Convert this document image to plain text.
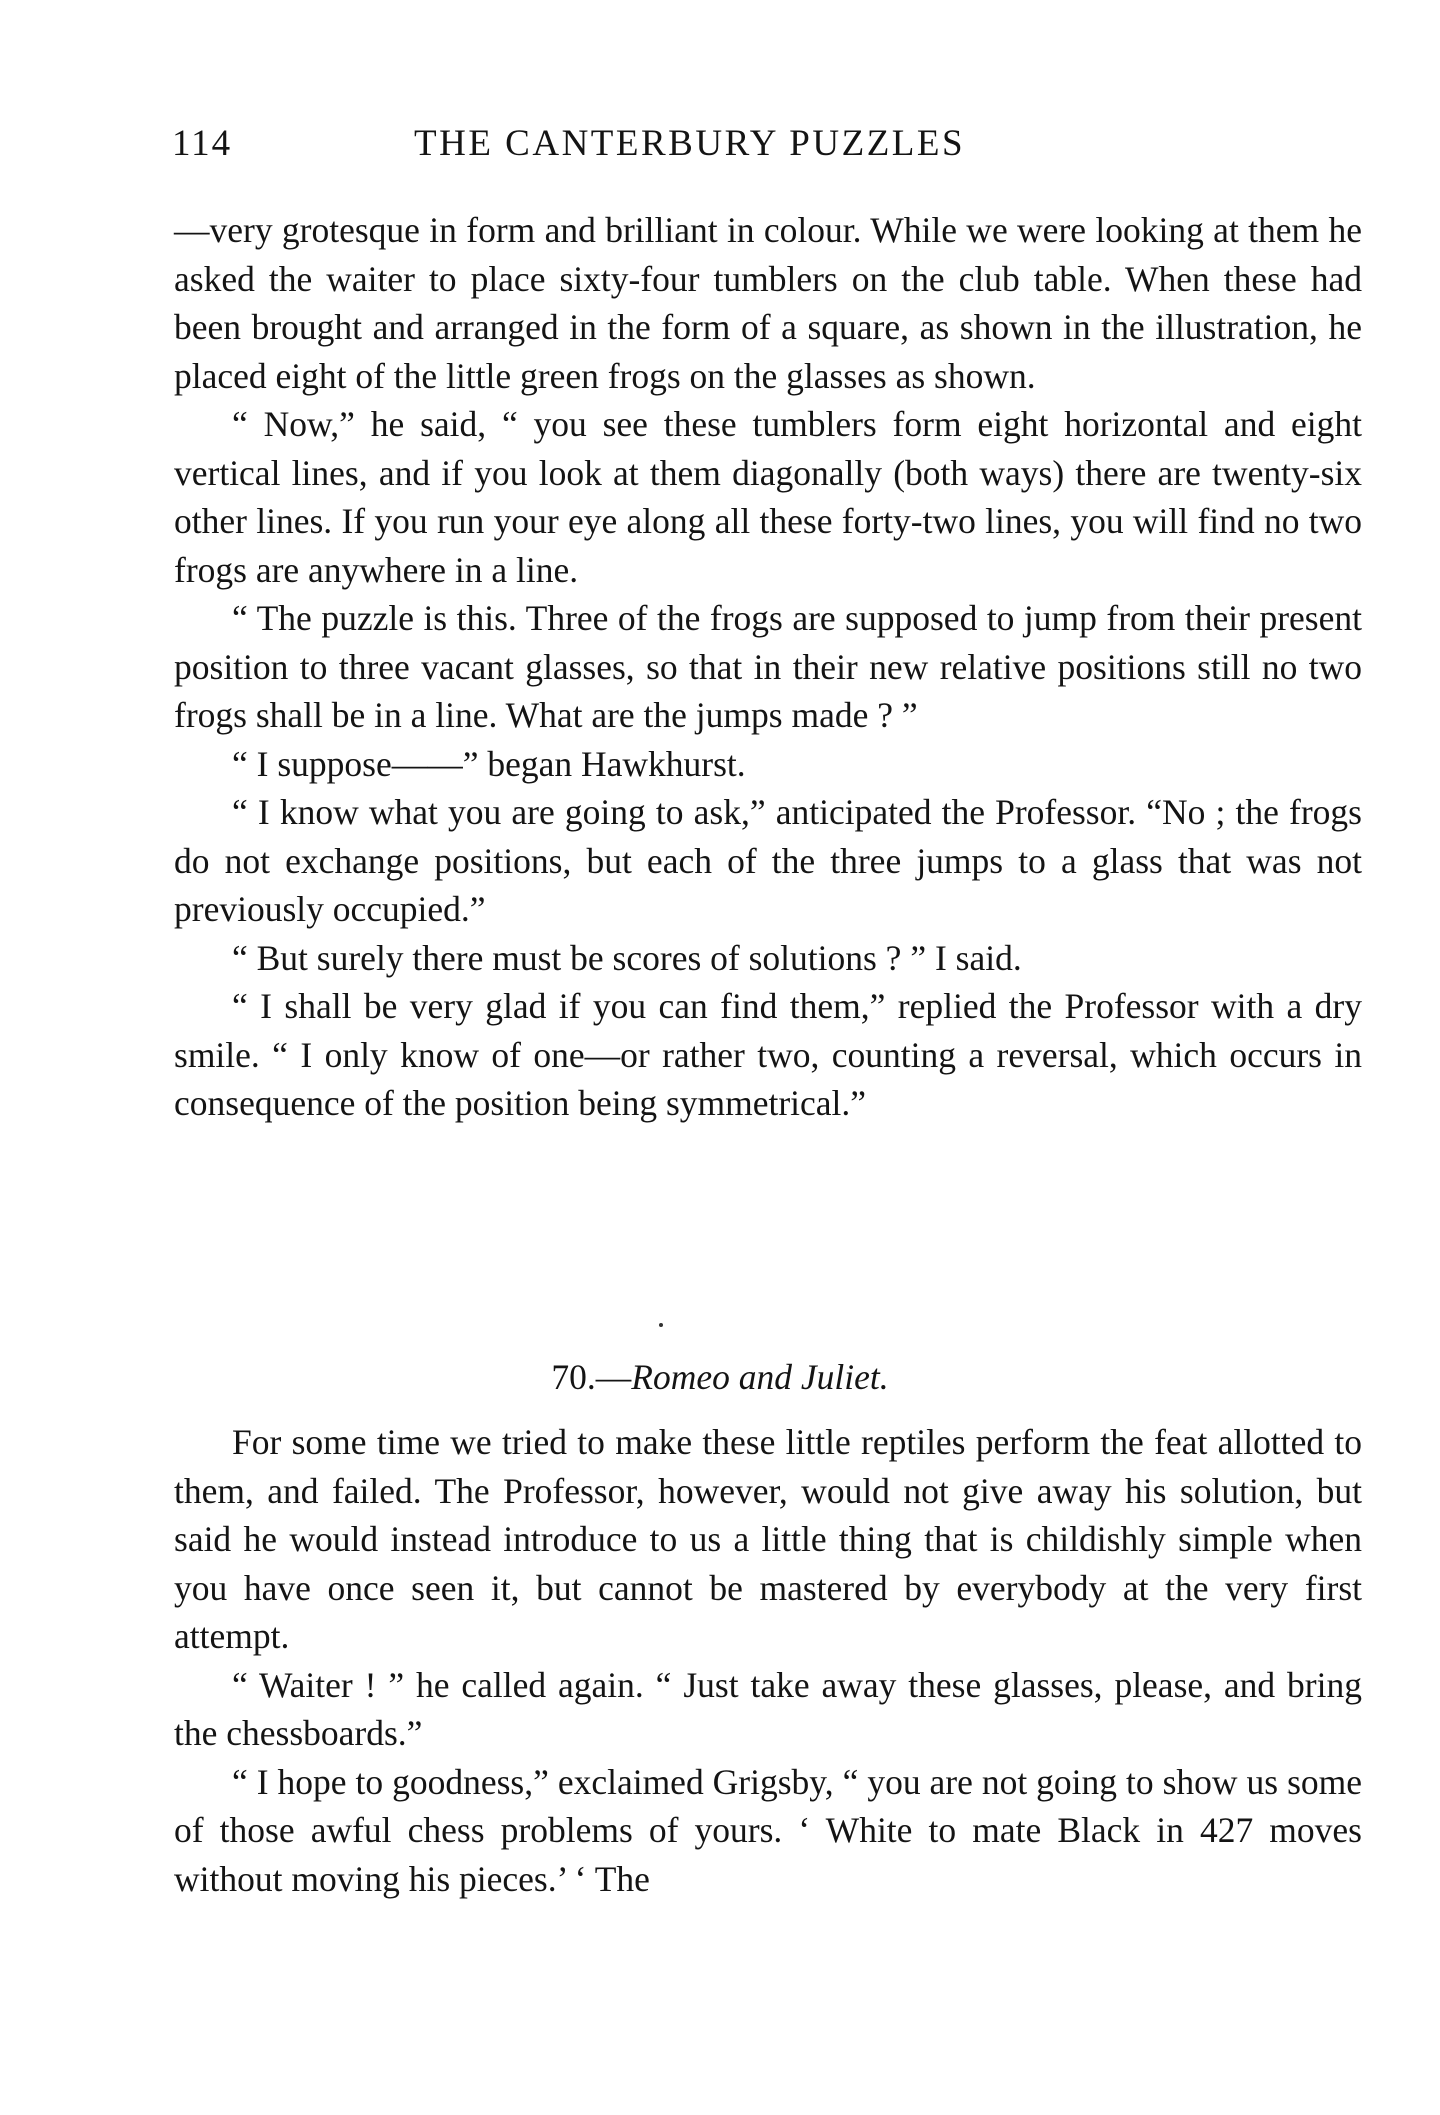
114	THE CANTERBURY PUZZLES

—very grotesque in form and brilliant in colour. While we were looking at them he asked the waiter to place sixty-four tumblers on the club table. When these had been brought and arranged in the form of a square, as shown in the illustration, he placed eight of the little green frogs on the glasses as shown.

“ Now,” he said, “ you see these tumblers form eight horizontal and eight vertical lines, and if you look at them diagonally (both ways) there are twenty-six other lines. If you run your eye along all these forty-two lines, you will find no two frogs are anywhere in a line.

“ The puzzle is this. Three of the frogs are supposed to jump from their present position to three vacant glasses, so that in their new relative positions still no two frogs shall be in a line. What are the jumps made ? ”

“ I suppose——” began Hawkhurst.

“ I know what you are going to ask,” anticipated the Professor. “No ; the frogs do not exchange positions, but each of the three jumps to a glass that was not previously occupied.”

“ But surely there must be scores of solutions ? ” I said.

“ I shall be very glad if you can find them,” replied the Professor with a dry smile. “ I only know of one—or rather two, counting a reversal, which occurs in consequence of the position being symmetrical.”

70.—Romeo and Juliet.

For some time we tried to make these little reptiles perform the feat allotted to them, and failed. The Professor, however, would not give away his solution, but said he would instead introduce to us a little thing that is childishly simple when you have once seen it, but cannot be mastered by everybody at the very first attempt.

“ Waiter ! ” he called again. “ Just take away these glasses, please, and bring the chessboards.”

“ I hope to goodness,” exclaimed Grigsby, “ you are not going to show us some of those awful chess problems of yours. ‘ White to mate Black in 427 moves without moving his pieces.’ ‘ The
